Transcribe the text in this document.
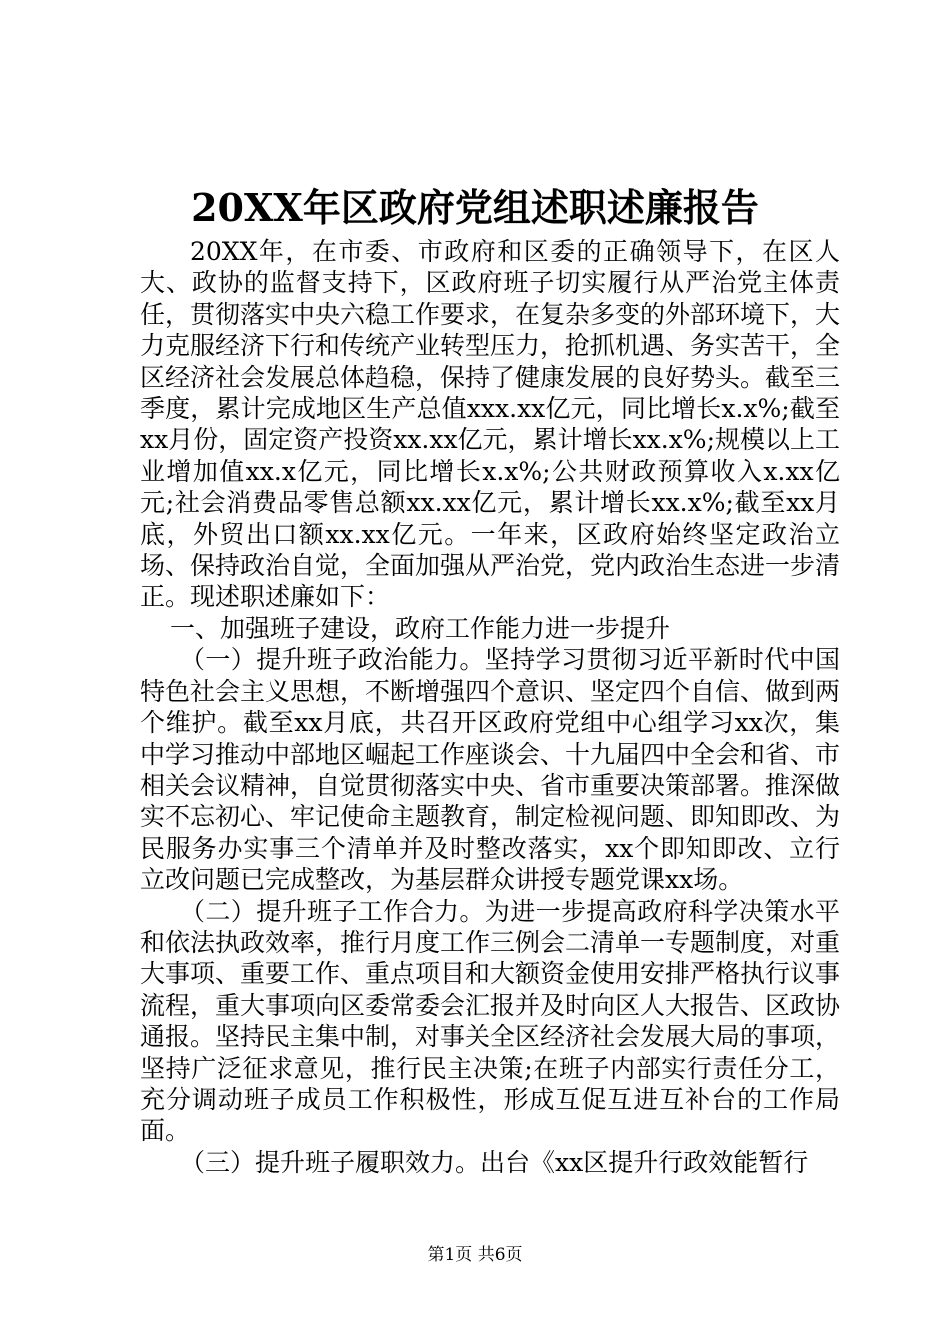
20XX年区政府党组述职述廉报告

20XX年，在市委、市政府和区委的正确领导下，在区人大、政协的监督支持下，区政府班子切实履行从严治党主体责任，贯彻落实中央六稳工作要求，在复杂多变的外部环境下，大力克服经济下行和传统产业转型压力，抢抓机遇、务实苦干，全区经济社会发展总体趋稳，保持了健康发展的良好势头。截至三季度，累计完成地区生产总值xxx.xx亿元，同比增长x.x%;截至xx月份，固定资产投资xx.xx亿元，累计增长xx.x%;规模以上工业增加值xx.x亿元，同比增长x.x%;公共财政预算收入x.xx亿元;社会消费品零售总额xx.xx亿元，累计增长xx.x%;截至xx月底，外贸出口额xx.xx亿元。一年来，区政府始终坚定政治立场、保持政治自觉，全面加强从严治党，党内政治生态进一步清正。现述职述廉如下：

一、加强班子建设，政府工作能力进一步提升

（一）提升班子政治能力。坚持学习贯彻习近平新时代中国特色社会主义思想，不断增强四个意识、坚定四个自信、做到两个维护。截至xx月底，共召开区政府党组中心组学习xx次，集中学习推动中部地区崛起工作座谈会、十九届四中全会和省、市相关会议精神，自觉贯彻落实中央、省市重要决策部署。推深做实不忘初心、牢记使命主题教育，制定检视问题、即知即改、为民服务办实事三个清单并及时整改落实，xx个即知即改、立行立改问题已完成整改，为基层群众讲授专题党课xx场。

（二）提升班子工作合力。为进一步提高政府科学决策水平和依法执政效率，推行月度工作三例会二清单一专题制度，对重大事项、重要工作、重点项目和大额资金使用安排严格执行议事流程，重大事项向区委常委会汇报并及时向区人大报告、区政协通报。坚持民主集中制，对事关全区经济社会发展大局的事项，坚持广泛征求意见，推行民主决策;在班子内部实行责任分工，充分调动班子成员工作积极性，形成互促互进互补台的工作局面。

（三）提升班子履职效力。出台《xx区提升行政效能暂行

第1页 共6页
